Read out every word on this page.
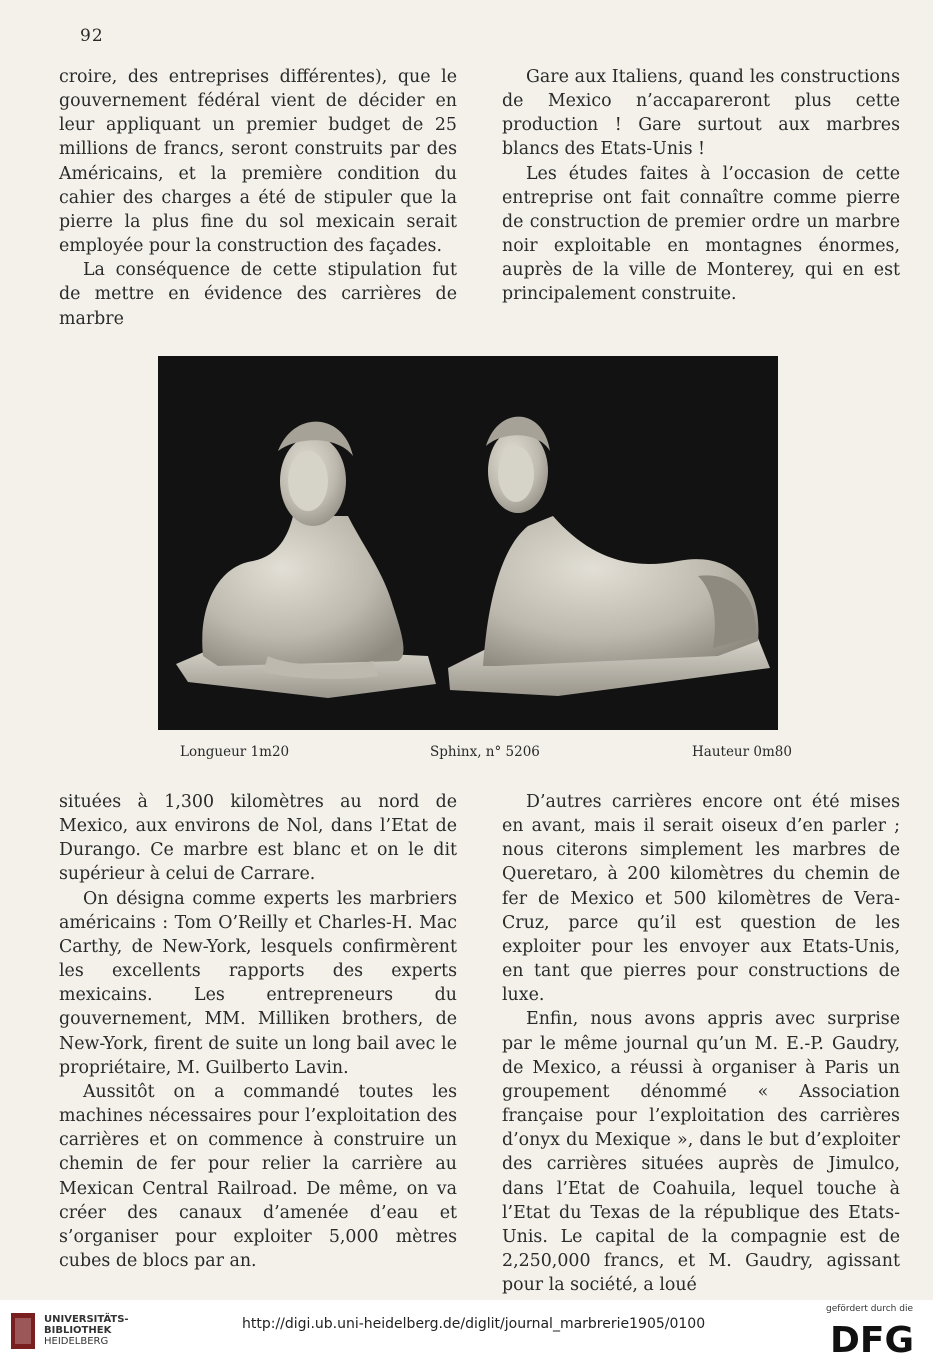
92

croire, des entreprises différentes), que le gouvernement fédéral vient de décider en leur appliquant un premier budget de 25 millions de francs, seront construits par des Américains, et la première condition du cahier des charges a été de stipuler que la pierre la plus fine du sol mexicain serait employée pour la construction des façades.

La conséquence de cette stipulation fut de mettre en évidence des carrières de marbre

Gare aux Italiens, quand les constructions de Mexico n’accapareront plus cette production ! Gare surtout aux marbres blancs des Etats-Unis !

Les études faites à l’occasion de cette entreprise ont fait connaître comme pierre de construction de premier ordre un marbre noir exploitable en montagnes énormes, auprès de la ville de Monterey, qui en est principalement construite.

Longueur 1m20	Sphinx, n° 5206	Hauteur 0m80

situées à 1,300 kilomètres au nord de Mexico, aux environs de Nol, dans l’Etat de Durango. Ce marbre est blanc et on le dit supérieur à celui de Carrare.

On désigna comme experts les marbriers américains : Tom O’Reilly et Charles-H. Mac Carthy, de New-York, lesquels confirmèrent les excellents rapports des experts mexicains. Les entrepreneurs du gouvernement, MM. Milliken brothers, de New-York, firent de suite un long bail avec le propriétaire, M. Guilberto Lavin.

Aussitôt on a commandé toutes les machines nécessaires pour l’exploitation des carrières et on commence à construire un chemin de fer pour relier la carrière au Mexican Central Railroad. De même, on va créer des canaux d’amenée d’eau et s’organiser pour exploiter 5,000 mètres cubes de blocs par an.

D’autres carrières encore ont été mises en avant, mais il serait oiseux d’en parler ; nous citerons simplement les marbres de Queretaro, à 200 kilomètres du chemin de fer de Mexico et 500 kilomètres de Vera-Cruz, parce qu’il est question de les exploiter pour les envoyer aux Etats-Unis, en tant que pierres pour constructions de luxe.

Enfin, nous avons appris avec surprise par le même journal qu’un M. E.-P. Gaudry, de Mexico, a réussi à organiser à Paris un groupement dénommé « Association française pour l’exploitation des carrières d’onyx du Mexique », dans le but d’exploiter des carrières situées auprès de Jimulco, dans l’Etat de Coahuila, lequel touche à l’Etat du Texas de la république des Etats-Unis. Le capital de la compagnie est de 2,250,000 francs, et M. Gaudry, agissant pour la société, a loué

UNIVERSITÄTS-
BIBLIOTHEK
HEIDELBERG
http://digi.ub.uni-heidelberg.de/diglit/journal_marbrerie1905/0100
gefördert durch die
DFG
